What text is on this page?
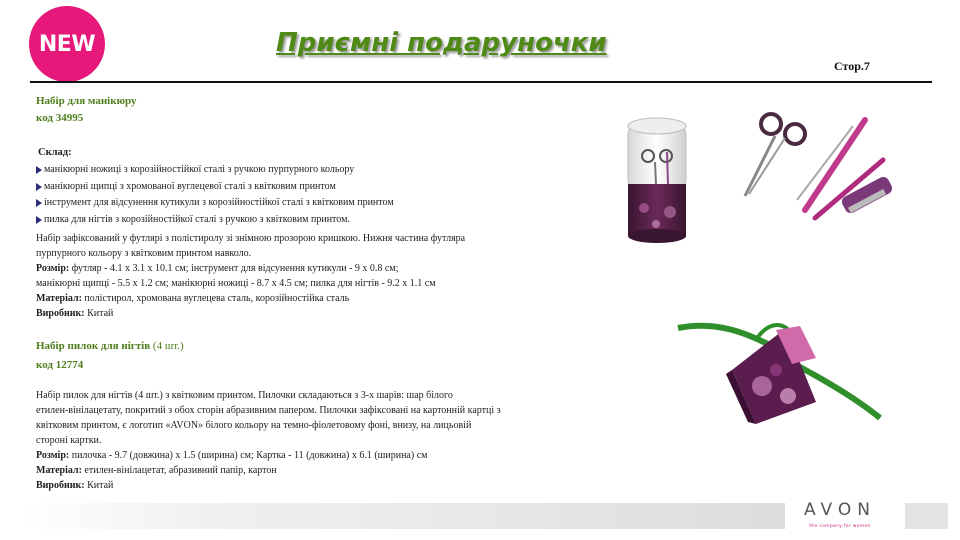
NEW	Приємні подаруночки
Стор.7
Набір для манікюру
код 34995
Склад:
манікюрні ножиці з корозійностійкої сталі з ручкою пурпурного кольору
манікюрні щипці з хромованої вуглецевої сталі з квітковим принтом
інструмент для відсунення кутикули з корозійностійкої сталі з квітковим принтом
пилка для нігтів з корозійностійкої сталі з ручкою з квітковим принтом.
Набір зафіксований у футлярі з полістиролу зі знімною прозорою кришкою. Нижня частина футляра
пурпурного кольору з квітковим принтом навколо.
Розмір: футляр - 4.1 x 3.1 x 10.1 см; інструмент для відсунення кутикули - 9 x 0.8 см;
манікюрні щипці - 5.5 x 1.2 см; манікюрні ножиці - 8.7 x 4.5 см; пилка для нігтів - 9.2 x 1.1 см
Матеріал: полістирол, хромована вуглецева сталь, корозійностійка сталь
Виробник: Китай
Набір пилок для нігтів (4 шт.)
код 12774
Набір пилок для нігтів (4 шт.) з квітковим принтом. Пилочки складаються з 3-х шарів: шар білого
етилен-вінілацетату, покритий з обох сторін абразивним папером. Пилочки зафіксовані на картонній картці з
квітковим принтом, є логотип «AVON» білого кольору на темно-фіолетовому фоні, внизу, на лицьовій
стороні картки.
Розмір: пилочка - 9.7 (довжина) х 1.5 (ширина) см; Картка - 11 (довжина) х 6.1 (ширина) см
Матеріал: етилен-вінілацетат, абразивний папір, картон
Виробник: Китай
AVON
the company for women
